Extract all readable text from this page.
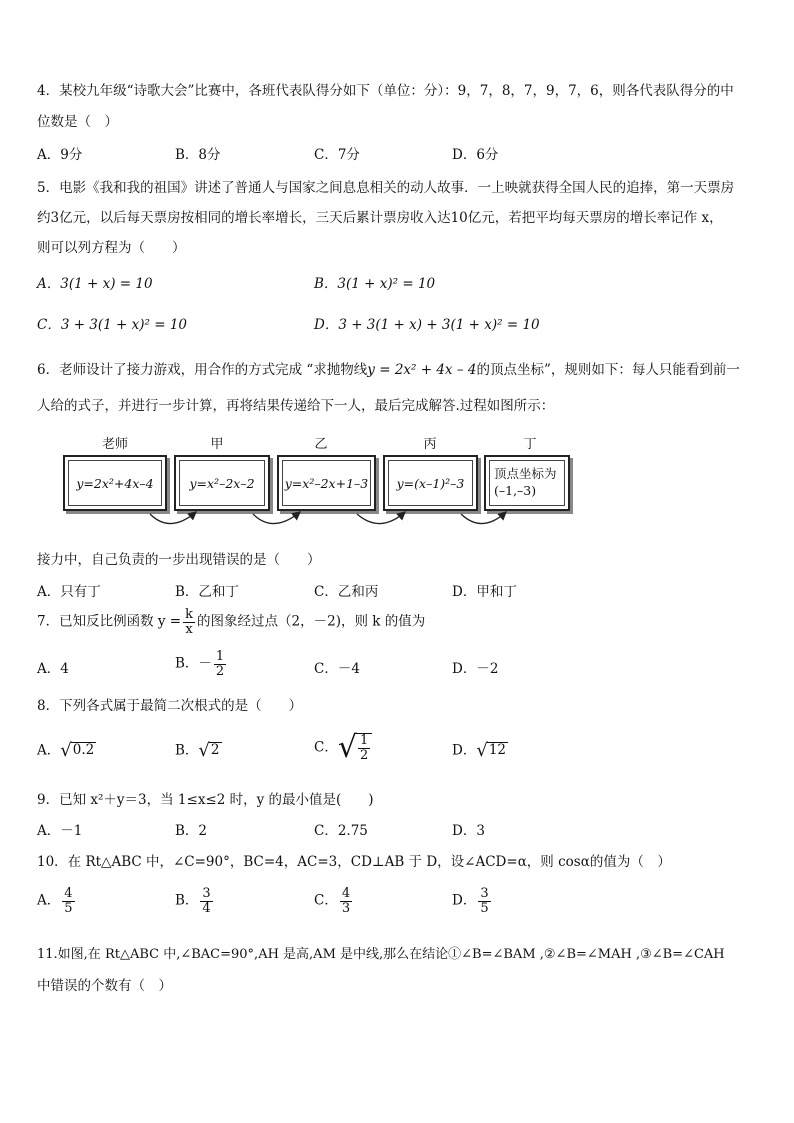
4．某校九年级“诗歌大会”比赛中，各班代表队得分如下（单位：分）：9，7，8，7，9，7，6，则各代表队得分的中
位数是（　）
A．9分	B．8分	C．7分	D．6分
5．电影《我和我的祖国》讲述了普通人与国家之间息息相关的动人故事．一上映就获得全国人民的追捧，第一天票房
约3亿元，以后每天票房按相同的增长率增长，三天后累计票房收入达10亿元，若把平均每天票房的增长率记作 x，
则可以列方程为（　　）
A．3(1 + x) = 10	B．3(1 + x)² = 10
C．3 + 3(1 + x)² = 10	D．3 + 3(1 + x) + 3(1 + x)² = 10
6．老师设计了接力游戏，用合作的方式完成 “求抛物线y = 2x² + 4x – 4的顶点坐标”，规则如下：每人只能看到前一
人给的式子，并进行一步计算，再将结果传递给下一人，最后完成解答.过程如图所示：
老师	甲	乙	丙	丁
y=2x²+4x–4	y=x²–2x–2	y=x²–2x+1–3	y=(x–1)²–3
顶点坐标为
(–1,–3)
接力中，自己负责的一步出现错误的是（　　）
A．只有丁	B．乙和丁	C．乙和丙	D．甲和丁
7．已知反比例函数 $y = \frac{k}{x}$ 的图象经过点（2，－2)，则 k 的值为
A．4	B．－ $\frac{1}{2}$	C．－4	D．－2
8．下列各式属于最简二次根式的是（　　）
A． √ 0.2	B． √ 2	C． √ $\frac{1}{2}$	D． √ 12
9．已知 x²＋y＝3，当 1≤x≤2 时，y 的最小值是(　　)
A．－1	B．2	C．2.75	D．3
10．在 Rt△ABC 中，∠C=90°，BC=4，AC=3，CD⊥AB 于 D，设∠ACD=α，则 cosα的值为（　）
A． $\frac{4}{5}$	B． $\frac{3}{4}$	C． $\frac{4}{3}$	D． $\frac{3}{5}$
11.如图,在 Rt△ABC 中,∠BAC=90°,AH 是高,AM 是中线,那么在结论①∠B=∠BAM ,②∠B=∠MAH ,③∠B=∠CAH
中错误的个数有（　）
